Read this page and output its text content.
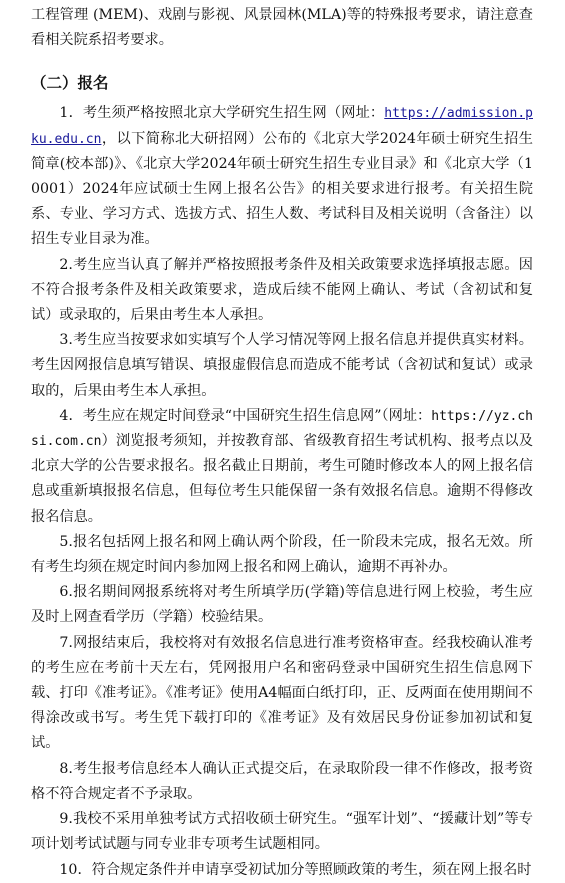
工程管理 (MEM)、戏剧与影视、风景园林(MLA)等的特殊报考要求，请注意查看相关院系招考要求。

（二）报名

1．考生须严格按照北京大学研究生招生网（网址：https://admission.pku.edu.cn，以下简称北大研招网）公布的《北京大学2024年硕士研究生招生简章(校本部)》、《北京大学2024年硕士研究生招生专业目录》和《北京大学（10001）2024年应试硕士生网上报名公告》的相关要求进行报考。有关招生院系、专业、学习方式、选拔方式、招生人数、考试科目及相关说明（含备注）以招生专业目录为准。

2.考生应当认真了解并严格按照报考条件及相关政策要求选择填报志愿。因不符合报考条件及相关政策要求，造成后续不能网上确认、考试（含初试和复试）或录取的，后果由考生本人承担。

3.考生应当按要求如实填写个人学习情况等网上报名信息并提供真实材料。考生因网报信息填写错误、填报虚假信息而造成不能考试（含初试和复试）或录取的，后果由考生本人承担。

4．考生应在规定时间登录“中国研究生招生信息网”（网址：https://yz.chsi.com.cn）浏览报考须知，并按教育部、省级教育招生考试机构、报考点以及北京大学的公告要求报名。报名截止日期前，考生可随时修改本人的网上报名信息或重新填报报名信息，但每位考生只能保留一条有效报名信息。逾期不得修改报名信息。

5.报名包括网上报名和网上确认两个阶段，任一阶段未完成，报名无效。所有考生均须在规定时间内参加网上报名和网上确认，逾期不再补办。

6.报名期间网报系统将对考生所填学历(学籍)等信息进行网上校验，考生应及时上网查看学历（学籍）校验结果。

7.网报结束后，我校将对有效报名信息进行准考资格审查。经我校确认准考的考生应在考前十天左右，凭网报用户名和密码登录中国研究生招生信息网下载、打印《准考证》。《准考证》使用A4幅面白纸打印，正、反两面在使用期间不得涂改或书写。考生凭下载打印的《准考证》及有效居民身份证参加初试和复试。

8.考生报考信息经本人确认正式提交后，在录取阶段一律不作修改，报考资格不符合规定者不予录取。

9.我校不采用单独考试方式招收硕士研究生。“强军计划”、“援藏计划”等专项计划考试试题与同专业非专项考生试题相同。

10．符合规定条件并申请享受初试加分等照顾政策的考生，须在网上报名时
